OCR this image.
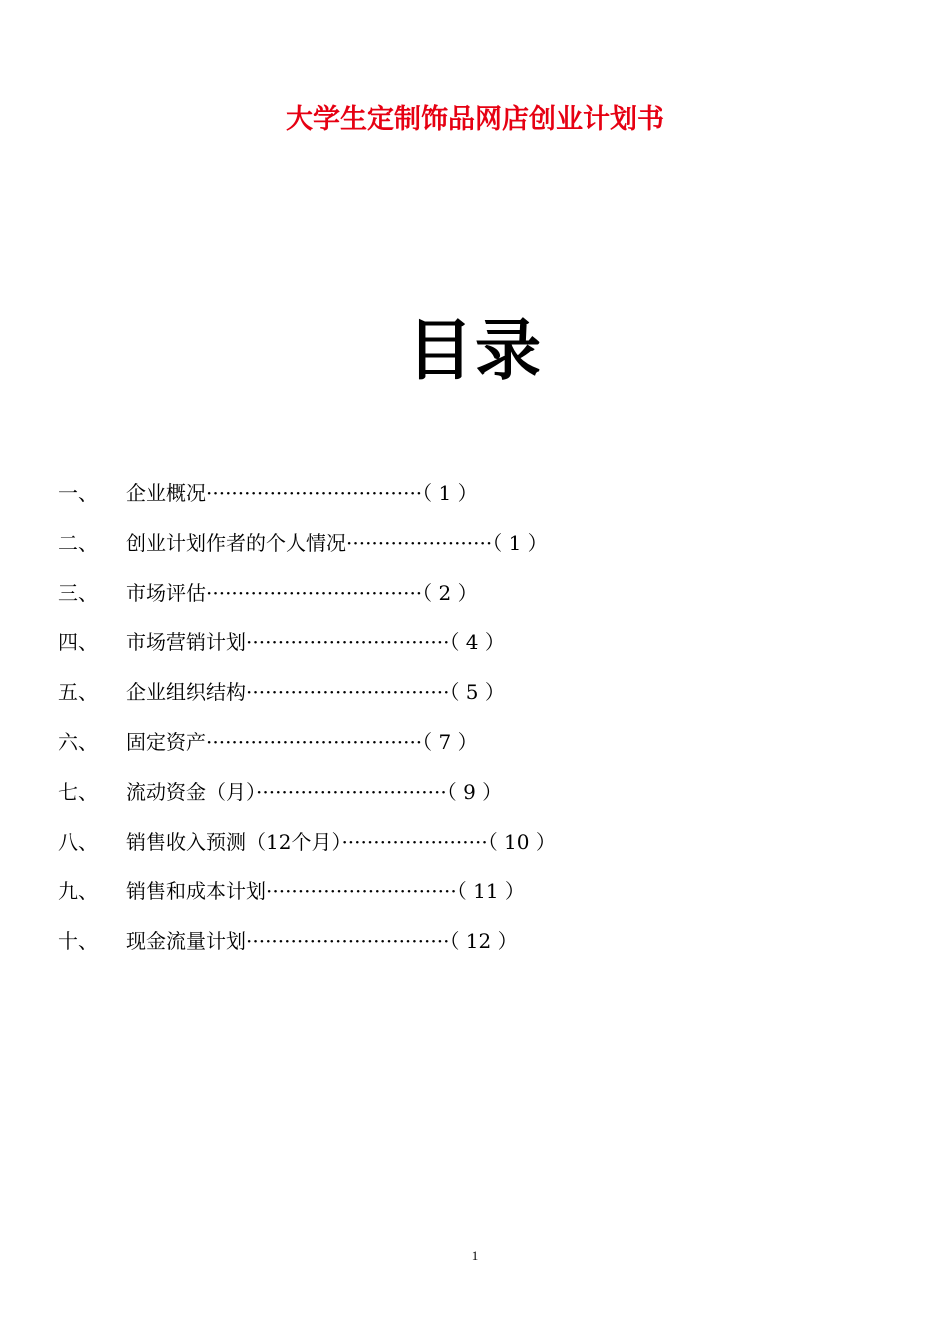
大学生定制饰品网店创业计划书
目录
一、 企业概况·································· （ 1 ）
二、 创业计划作者的个人情况······················· （ 1 ）
三、 市场评估·································· （ 2 ）
四、 市场营销计划································ （ 4 ）
五、 企业组织结构································ （ 5 ）
六、 固定资产·································· （ 7 ）
七、 流动资金（月）······························ （ 9 ）
八、 销售收入预测（12个月）······················· （ 10 ）
九、 销售和成本计划······························ （ 11 ）
十、 现金流量计划································ （ 12 ）
1
